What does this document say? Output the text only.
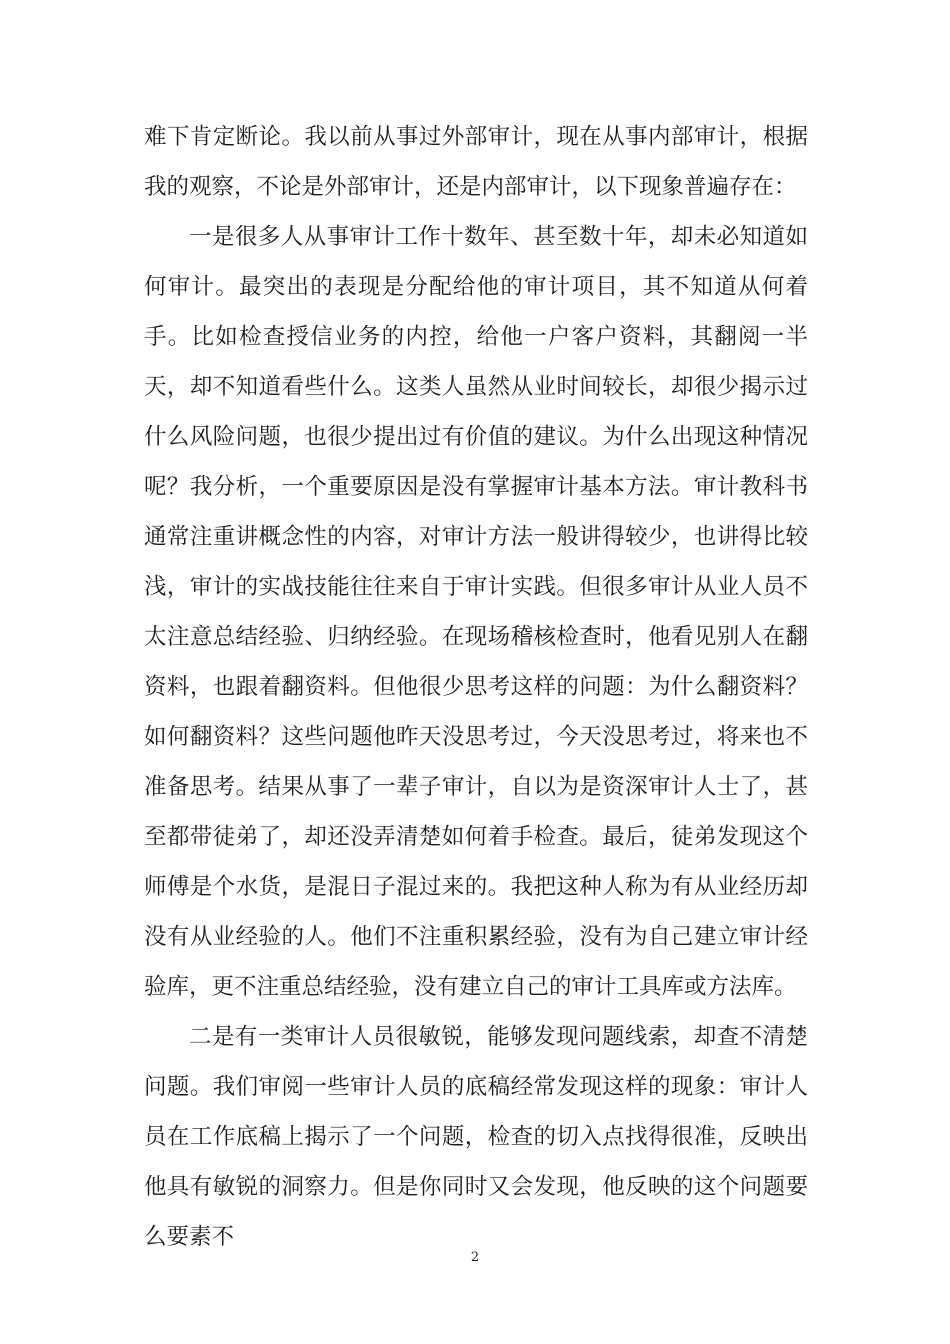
难下肯定断论。我以前从事过外部审计，现在从事内部审计，根据我的观察，不论是外部审计，还是内部审计，以下现象普遍存在：

一是很多人从事审计工作十数年、甚至数十年，却未必知道如何审计。最突出的表现是分配给他的审计项目，其不知道从何着手。比如检查授信业务的内控，给他一户客户资料，其翻阅一半天，却不知道看些什么。这类人虽然从业时间较长，却很少揭示过什么风险问题，也很少提出过有价值的建议。为什么出现这种情况呢？我分析，一个重要原因是没有掌握审计基本方法。审计教科书通常注重讲概念性的内容，对审计方法一般讲得较少，也讲得比较浅，审计的实战技能往往来自于审计实践。但很多审计从业人员不太注意总结经验、归纳经验。在现场稽核检查时，他看见别人在翻资料，也跟着翻资料。但他很少思考这样的问题：为什么翻资料？如何翻资料？这些问题他昨天没思考过，今天没思考过，将来也不准备思考。结果从事了一辈子审计，自以为是资深审计人士了，甚至都带徒弟了，却还没弄清楚如何着手检查。最后，徒弟发现这个师傅是个水货，是混日子混过来的。我把这种人称为有从业经历却没有从业经验的人。他们不注重积累经验，没有为自己建立审计经验库，更不注重总结经验，没有建立自己的审计工具库或方法库。

二是有一类审计人员很敏锐，能够发现问题线索，却查不清楚问题。我们审阅一些审计人员的底稿经常发现这样的现象：审计人员在工作底稿上揭示了一个问题，检查的切入点找得很准，反映出他具有敏锐的洞察力。但是你同时又会发现，他反映的这个问题要么要素不

2
